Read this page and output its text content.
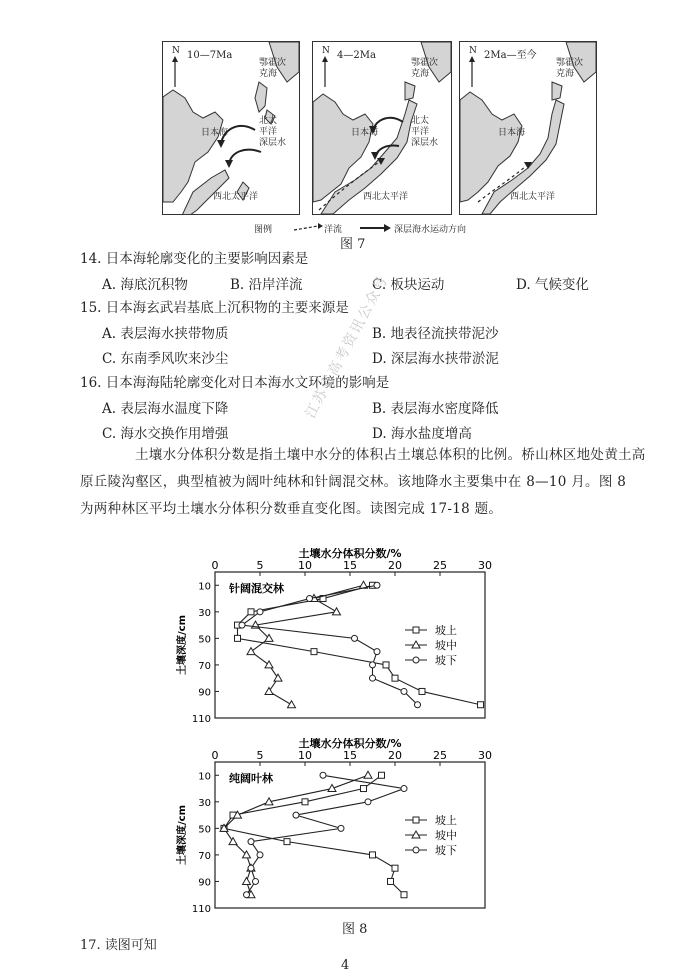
N 10—7Ma
鄂霍次
克海
日本海
北太
平洋
深层水
西北太平洋
N 4—2Ma
鄂霍次
克海
日本海
北太
平洋
深层水
西北太平洋
N 2Ma—至今
鄂霍次
克海
日本海
西北太平洋
图例	洋流	深层海水运动方向
图 7
14. 日本海轮廓变化的主要影响因素是
A. 海底沉积物	B. 沿岸洋流	C. 板块运动	D. 气候变化
15. 日本海玄武岩基底上沉积物的主要来源是
A. 表层海水挟带物质	B. 地表径流挟带泥沙
C. 东南季风吹来沙尘	D. 深层海水挟带淤泥
16. 日本海海陆轮廓变化对日本海水文环境的影响是
A. 表层海水温度下降	B. 表层海水密度降低
C. 海水交换作用增强	D. 海水盐度增高
土壤水分体积分数是指土壤中水分的体积占土壤总体积的比例。桥山林区地处黄土高
原丘陵沟壑区，典型植被为阔叶纯林和针阔混交林。该地降水主要集中在 8—10 月。图 8
为两种林区平均土壤水分体积分数垂直变化图。读图完成 17-18 题。
江苏省高考资讯公众号
土壤水分体积分数/%
0	5	10	15	20	25	30
10
30
50
70
90
110
土壤深度/cm
针阔混交林
坡上
坡中
坡下
土壤水分体积分数/%
0	5	10	15	20	25	30
10
30
50
70
90
110
土壤深度/cm
纯阔叶林
坡上
坡中
坡下
图 8
17. 读图可知
4
